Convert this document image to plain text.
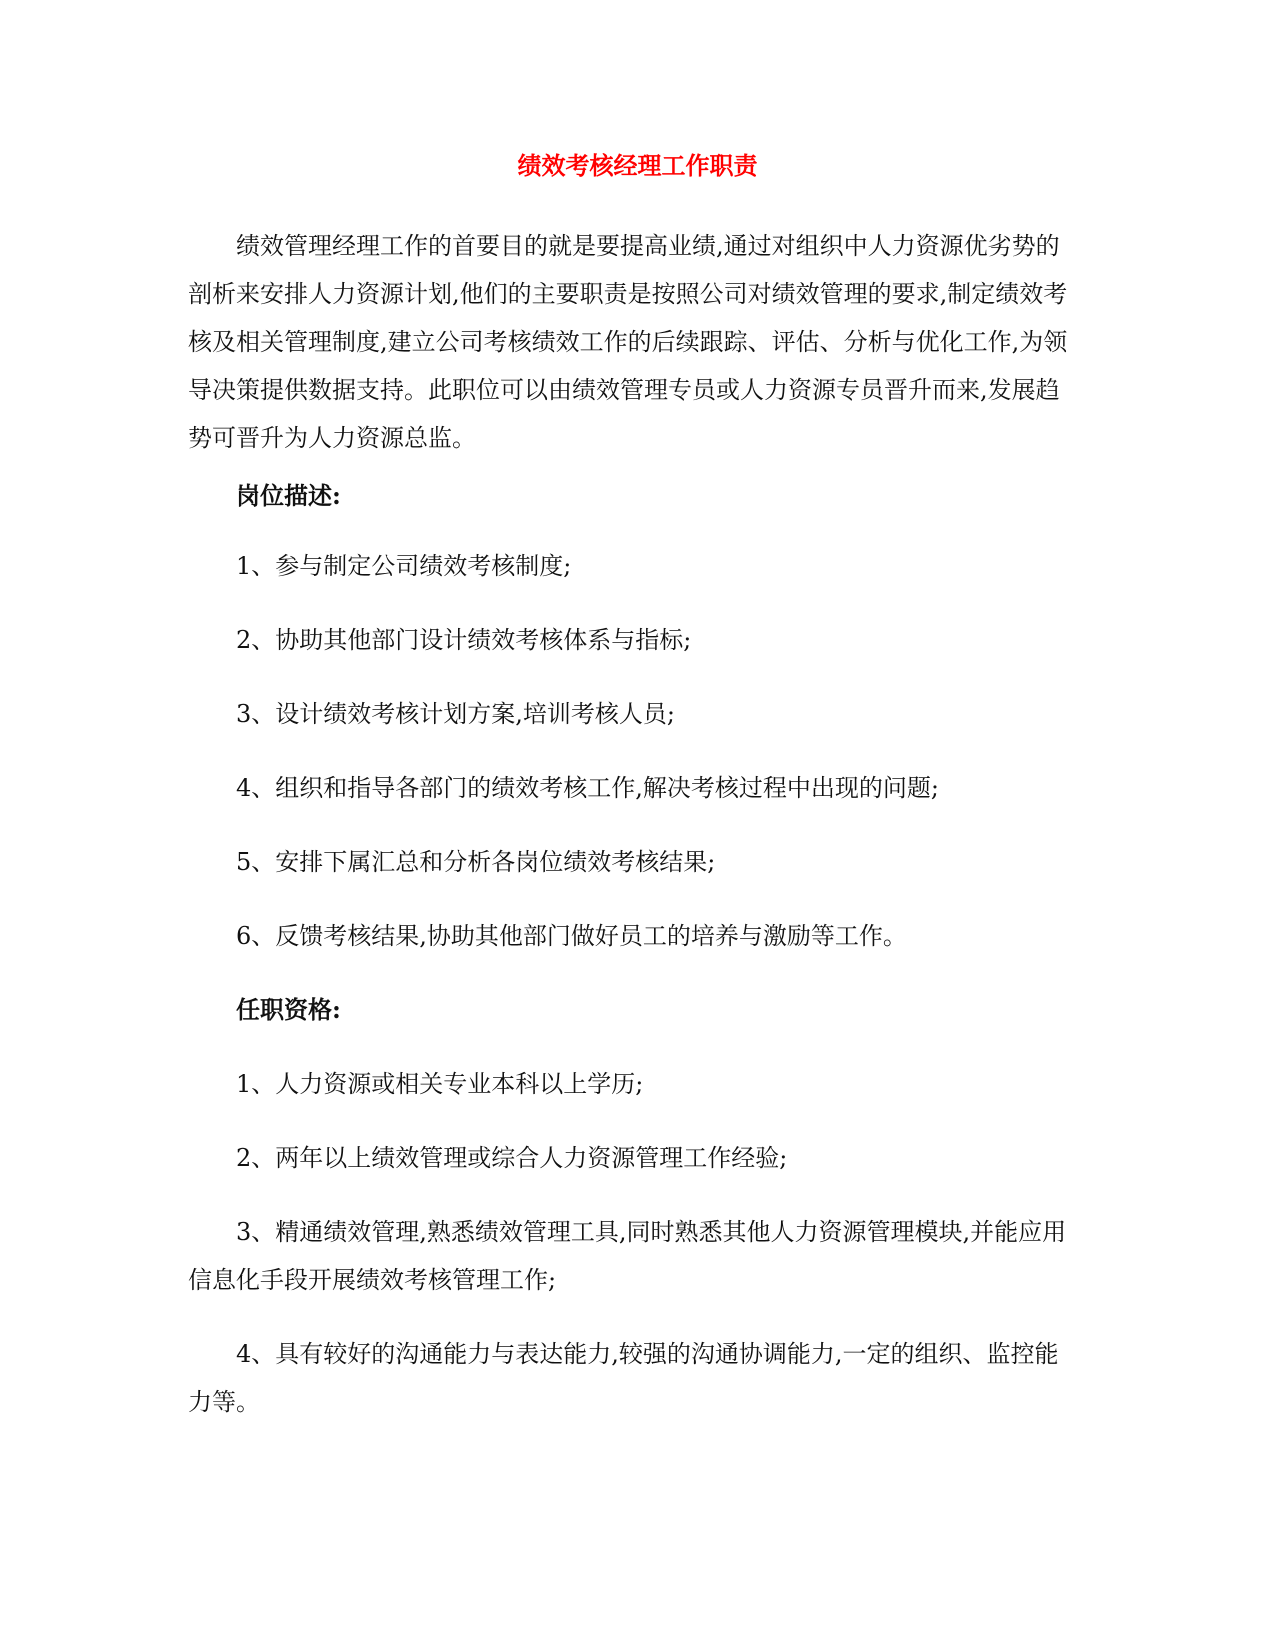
绩效考核经理工作职责

绩效管理经理工作的首要目的就是要提高业绩,通过对组织中人力资源优劣势的剖析来安排人力资源计划,他们的主要职责是按照公司对绩效管理的要求,制定绩效考核及相关管理制度,建立公司考核绩效工作的后续跟踪、评估、分析与优化工作,为领导决策提供数据支持。此职位可以由绩效管理专员或人力资源专员晋升而来,发展趋势可晋升为人力资源总监。

岗位描述:

1、参与制定公司绩效考核制度;

2、协助其他部门设计绩效考核体系与指标;

3、设计绩效考核计划方案,培训考核人员;

4、组织和指导各部门的绩效考核工作,解决考核过程中出现的问题;

5、安排下属汇总和分析各岗位绩效考核结果;

6、反馈考核结果,协助其他部门做好员工的培养与激励等工作。

任职资格:

1、人力资源或相关专业本科以上学历;

2、两年以上绩效管理或综合人力资源管理工作经验;

3、精通绩效管理,熟悉绩效管理工具,同时熟悉其他人力资源管理模块,并能应用信息化手段开展绩效考核管理工作;

4、具有较好的沟通能力与表达能力,较强的沟通协调能力,一定的组织、监控能力等。
